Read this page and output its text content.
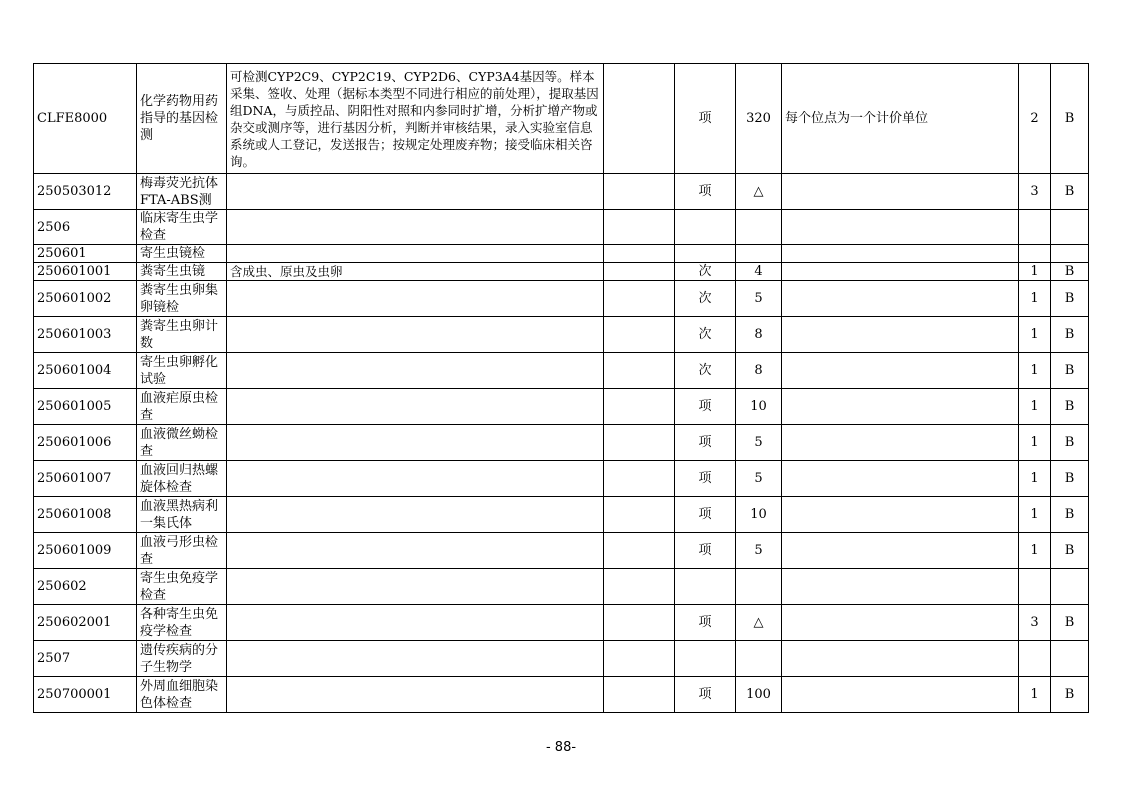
CLFE8000	化学药物用药指导的基因检测	可检测CYP2C9、CYP2C19、CYP2D6、CYP3A4基因等。样本采集、签收、处理（据标本类型不同进行相应的前处理），提取基因组DNA，与质控品、阴阳性对照和内参同时扩增，分析扩增产物或杂交或测序等，进行基因分析，判断并审核结果，录入实验室信息系统或人工登记，发送报告；按规定处理废弃物；接受临床相关咨询。		项	320	每个位点为一个计价单位	2	B
250503012	梅毒荧光抗体FTA-ABS测			项	△		3	B
2506	临床寄生虫学检查							
250601	寄生虫镜检							
250601001	粪寄生虫镜	含成虫、原虫及虫卵		次	4		1	B
250601002	粪寄生虫卵集卵镜检			次	5		1	B
250601003	粪寄生虫卵计数			次	8		1	B
250601004	寄生虫卵孵化试验			次	8		1	B
250601005	血液疟原虫检查			项	10		1	B
250601006	血液微丝蚴检查			项	5		1	B
250601007	血液回归热螺旋体检查			项	5		1	B
250601008	血液黑热病利一集氏体			项	10		1	B
250601009	血液弓形虫检查			项	5		1	B
250602	寄生虫免疫学检查							
250602001	各种寄生虫免疫学检查			项	△		3	B
2507	遗传疾病的分子生物学							
250700001	外周血细胞染色体检查			项	100		1	B
- 88-
